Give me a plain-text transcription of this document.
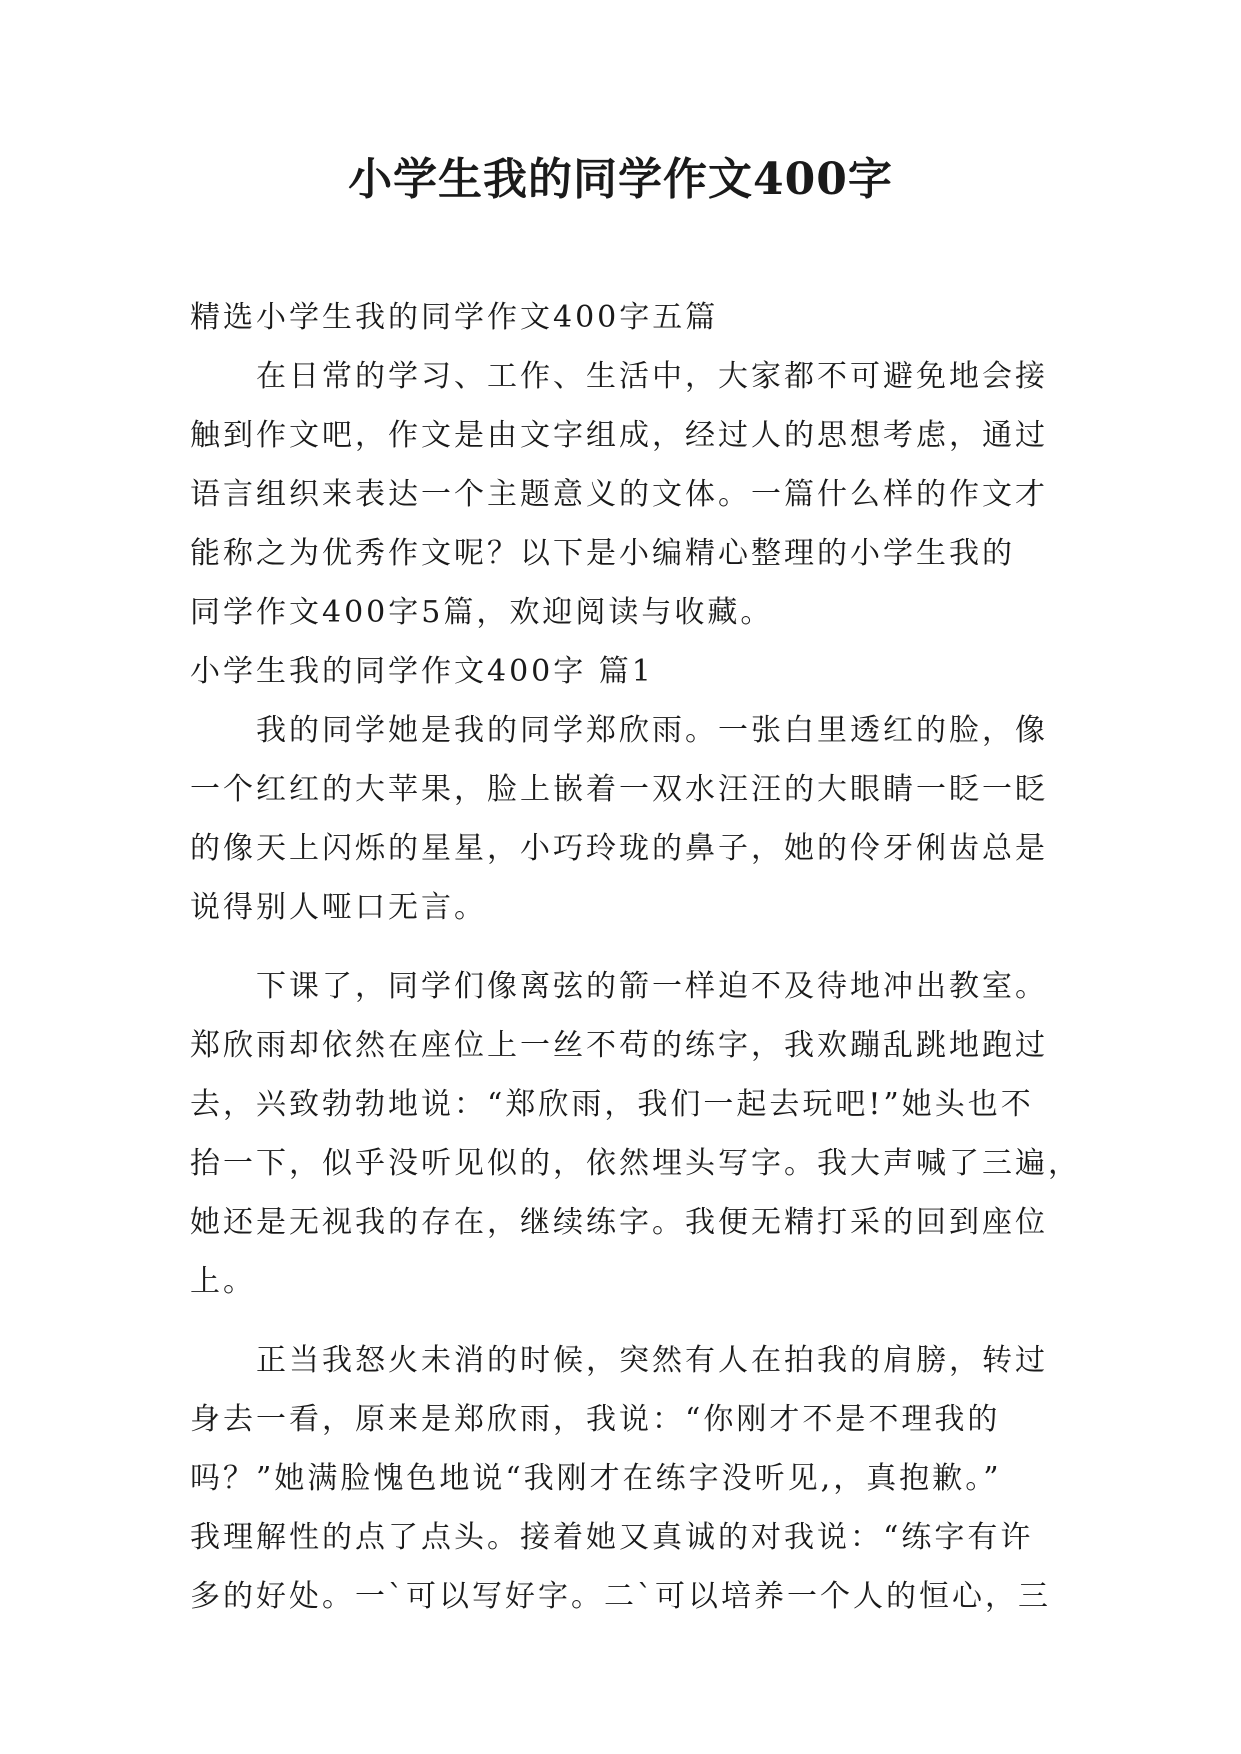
小学生我的同学作文400字
精选小学生我的同学作文400字五篇
在日常的学习、工作、生活中，大家都不可避免地会接
触到作文吧，作文是由文字组成，经过人的思想考虑，通过
语言组织来表达一个主题意义的文体。一篇什么样的作文才
能称之为优秀作文呢？以下是小编精心整理的小学生我的
同学作文400字5篇，欢迎阅读与收藏。
小学生我的同学作文400字 篇1
我的同学她是我的同学郑欣雨。一张白里透红的脸，像
一个红红的大苹果，脸上嵌着一双水汪汪的大眼睛一眨一眨
的像天上闪烁的星星，小巧玲珑的鼻子，她的伶牙俐齿总是
说得别人哑口无言。
下课了，同学们像离弦的箭一样迫不及待地冲出教室。
郑欣雨却依然在座位上一丝不苟的练字，我欢蹦乱跳地跑过
去，兴致勃勃地说：“郑欣雨，我们一起去玩吧!”她头也不
抬一下，似乎没听见似的，依然埋头写字。我大声喊了三遍，
她还是无视我的存在，继续练字。我便无精打采的回到座位
上。
正当我怒火未消的时候，突然有人在拍我的肩膀，转过
身去一看，原来是郑欣雨，我说：“你刚才不是不理我的
吗？”她满脸愧色地说“我刚才在练字没听见,，真抱歉。”
我理解性的点了点头。接着她又真诚的对我说：“练字有许
多的好处。一`可以写好字。二`可以培养一个人的恒心，三
